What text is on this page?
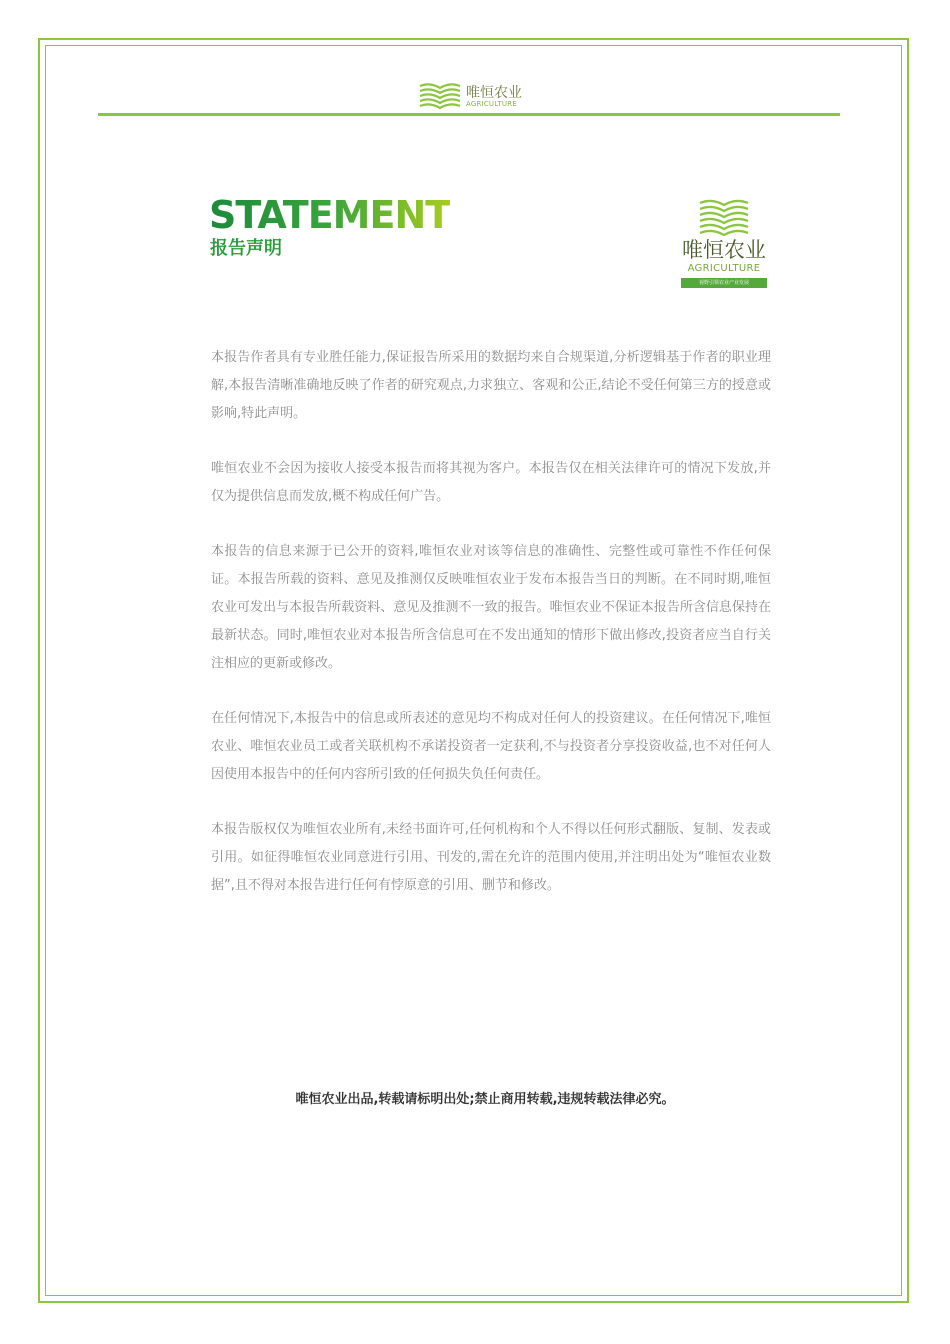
唯恒农业
AGRICULTURE
STATEMENT
报告声明	唯恒农业
AGRICULTURE
视野引领农业产业发展

本报告作者具有专业胜任能力,保证报告所采用的数据均来自合规渠道,分析逻辑基于作者的职业理解,本报告清晰准确地反映了作者的研究观点,力求独立、客观和公正,结论不受任何第三方的授意或影响,特此声明。

唯恒农业不会因为接收人接受本报告而将其视为客户。本报告仅在相关法律许可的情况下发放,并仅为提供信息而发放,概不构成任何广告。

本报告的信息来源于已公开的资料,唯恒农业对该等信息的准确性、完整性或可靠性不作任何保证。本报告所载的资料、意见及推测仅反映唯恒农业于发布本报告当日的判断。在不同时期,唯恒农业可发出与本报告所载资料、意见及推测不一致的报告。唯恒农业不保证本报告所含信息保持在最新状态。同时,唯恒农业对本报告所含信息可在不发出通知的情形下做出修改,投资者应当自行关注相应的更新或修改。

在任何情况下,本报告中的信息或所表述的意见均不构成对任何人的投资建议。在任何情况下,唯恒农业、唯恒农业员工或者关联机构不承诺投资者一定获利,不与投资者分享投资收益,也不对任何人因使用本报告中的任何内容所引致的任何损失负任何责任。

本报告版权仅为唯恒农业所有,未经书面许可,任何机构和个人不得以任何形式翻版、复制、发表或引用。如征得唯恒农业同意进行引用、刊发的,需在允许的范围内使用,并注明出处为“唯恒农业数据”,且不得对本报告进行任何有悖原意的引用、删节和修改。

唯恒农业出品,转载请标明出处;禁止商用转载,违规转载法律必究。
